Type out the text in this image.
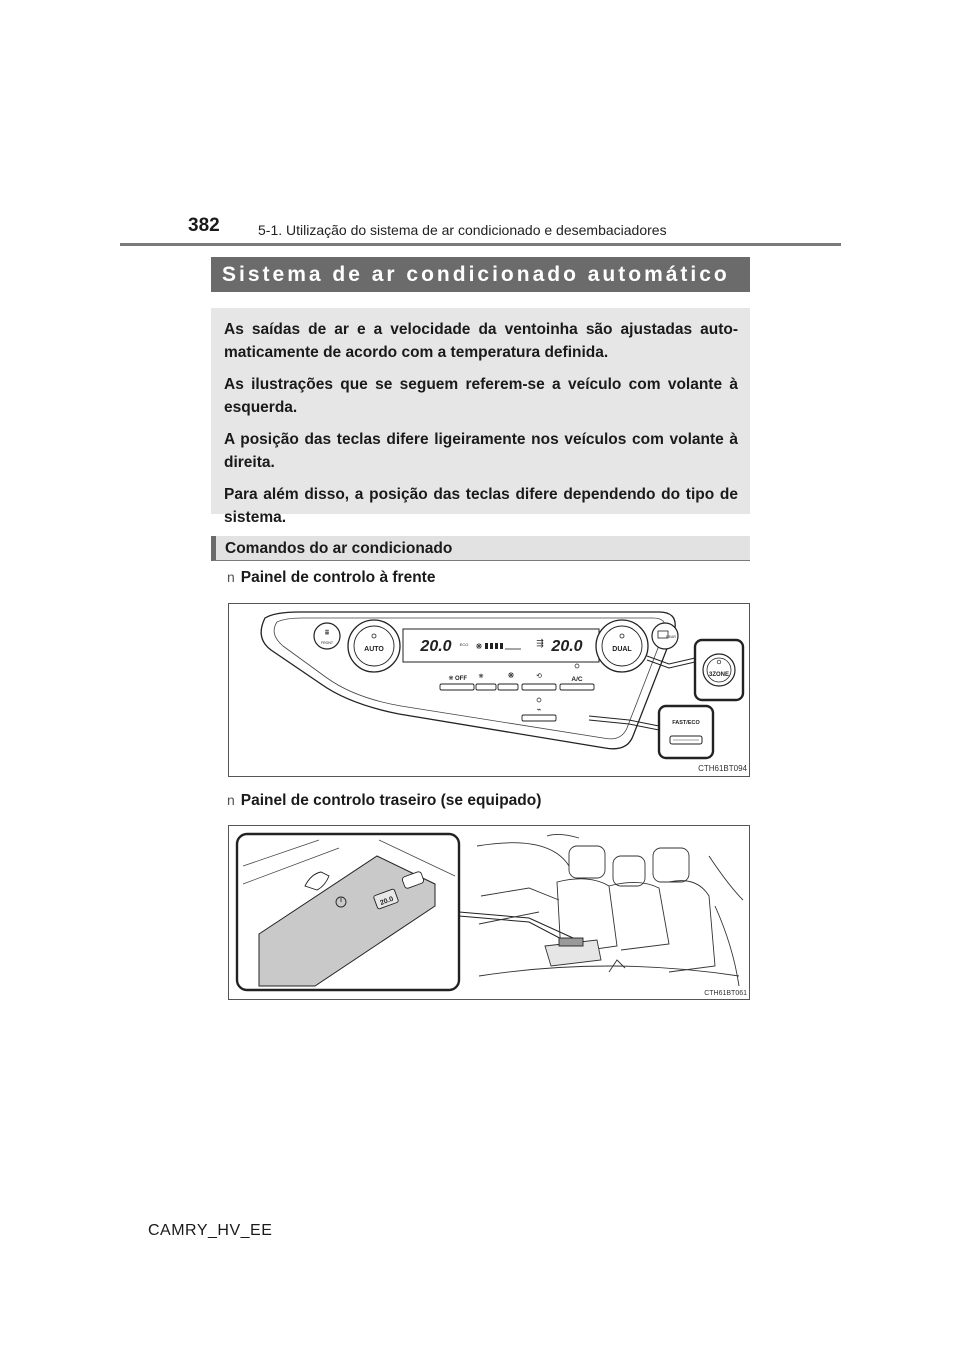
382	5-1. Utilização do sistema de ar condicionado e desembaciadores
Sistema de ar condicionado automático

As saídas de ar e a velocidade da ventoinha são ajustadas auto-maticamente de acordo com a temperatura definida.

As ilustrações que se seguem referem-se a veículo com volante à esquerda.

A posição das teclas difere ligeiramente nos veículos com volante à direita.

Para além disso, a posição das teclas difere dependendo do tipo de sistema.

Comandos do ar condicionado
n Painel de controlo à frente
⩩
FRONT
AUTO 20.0 ECO ❋	⇶ 20.0	DUAL
REAR
❋ OFF ❋	❋	⟲	A/C
⌁
3ZONE
FAST/ECO
CTH61BT094
n Painel de controlo traseiro (se equipado)
20.0
CTH61BT061
CAMRY_HV_EE
